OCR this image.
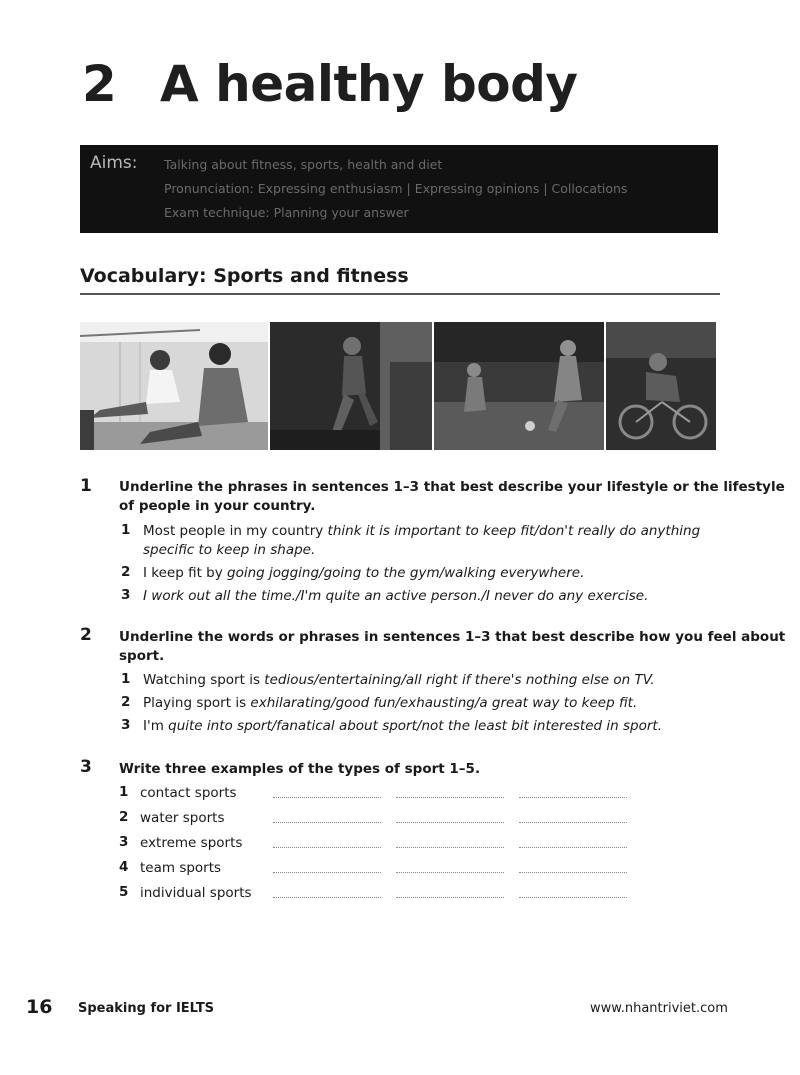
2 A healthy body
Aims: Talking about fitness, sports, health and diet
Pronunciation: Expressing enthusiasm | Expressing opinions | Collocations
Exam technique: Planning your answer
Vocabulary: Sports and fitness
1 Underline the phrases in sentences 1–3 that best describe your lifestyle or the lifestyle
of people in your country.
1 Most people in my country think it is important to keep fit/don't really do anything
specific to keep in shape.
2 I keep fit by going jogging/going to the gym/walking everywhere.
3 I work out all the time./I'm quite an active person./I never do any exercise.
2 Underline the words or phrases in sentences 1–3 that best describe how you feel about
sport.
1 Watching sport is tedious/entertaining/all right if there's nothing else on TV.
2 Playing sport is exhilarating/good fun/exhausting/a great way to keep fit.
3 I'm quite into sport/fanatical about sport/not the least bit interested in sport.
3 Write three examples of the types of sport 1–5.
1 contact sports
2 water sports
3 extreme sports
4 team sports
5 individual sports
16 Speaking for IELTS	www.nhantriviet.com
